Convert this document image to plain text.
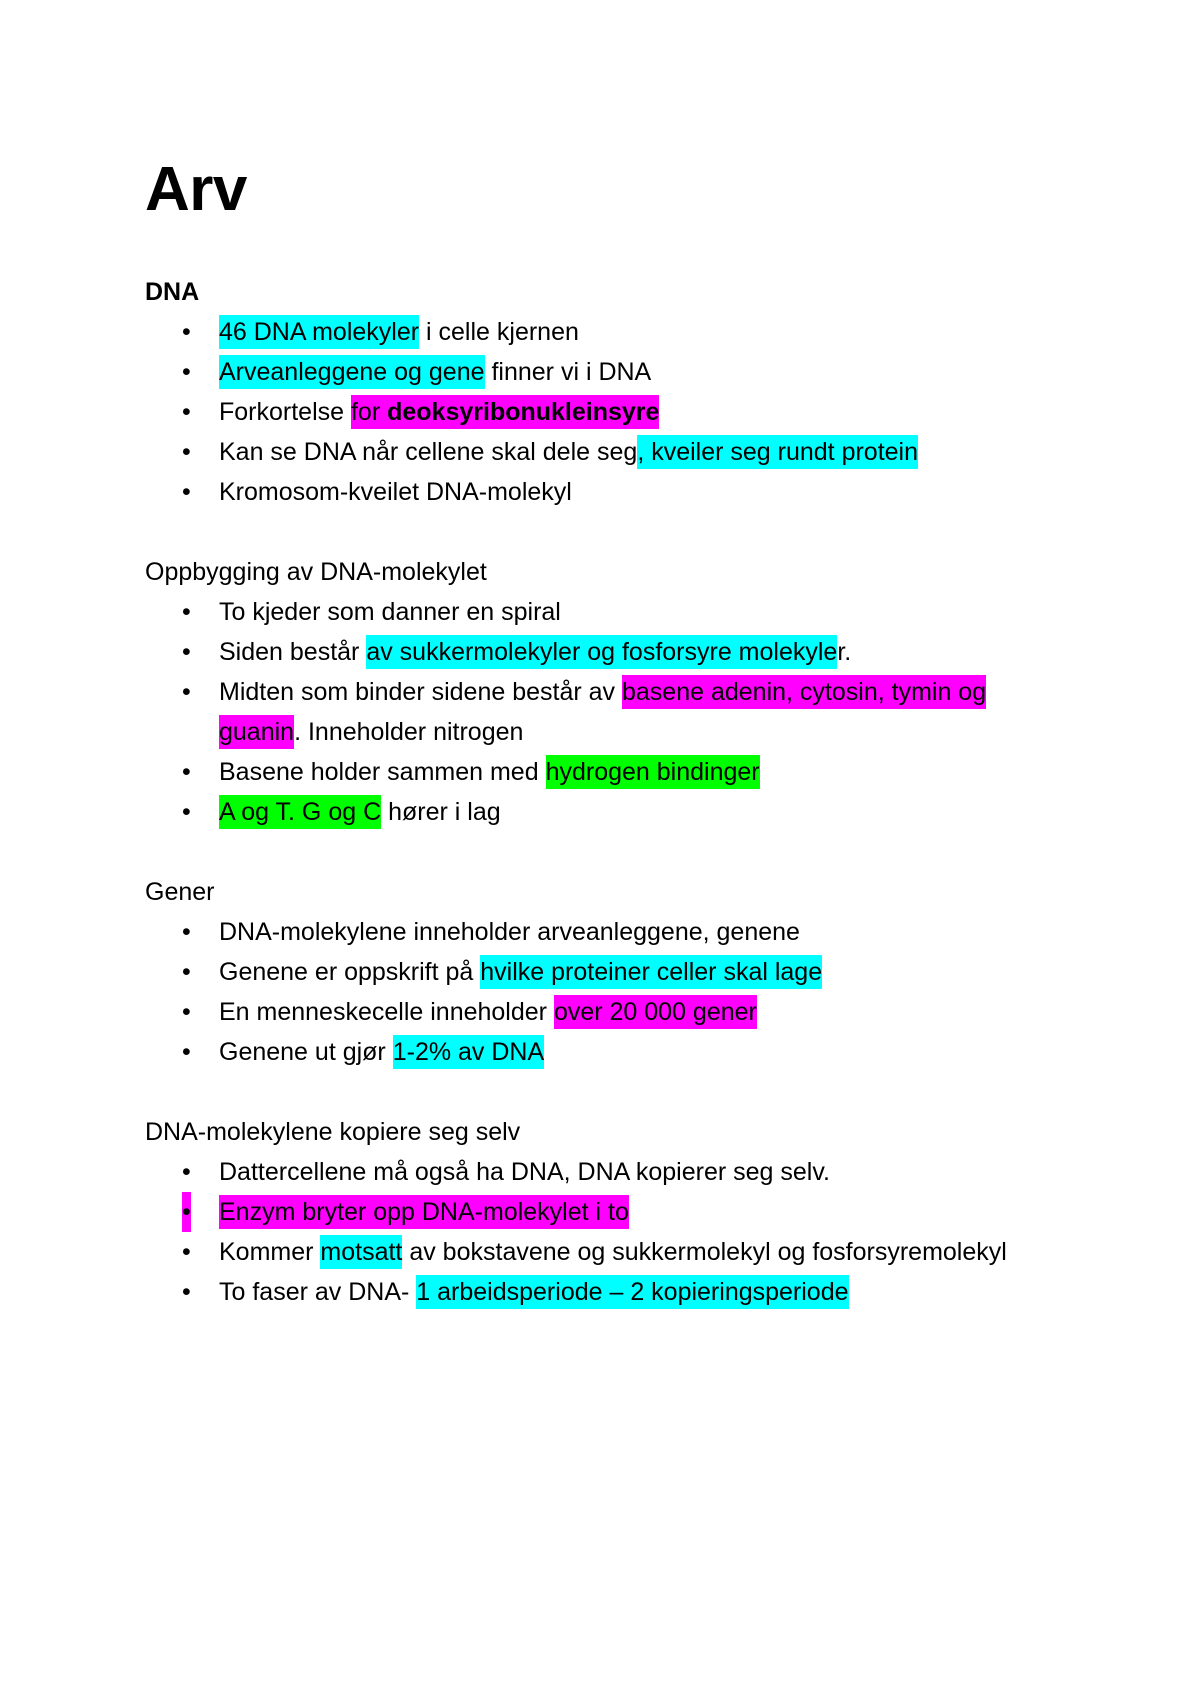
Arv

DNA

• 46 DNA molekyler i celle kjernen
• Arveanleggene og gene finner vi i DNA
• Forkortelse for deoksyribonukleinsyre
• Kan se DNA når cellene skal dele seg, kveiler seg rundt protein
• Kromosom-kveilet DNA-molekyl

Oppbygging av DNA-molekylet

• To kjeder som danner en spiral
• Siden består av sukkermolekyler og fosforsyre molekyler.
• Midten som binder sidene består av basene adenin, cytosin, tymin og guanin. Inneholder nitrogen
• Basene holder sammen med hydrogen bindinger
• A og T. G og C hører i lag

Gener

• DNA-molekylene inneholder arveanleggene, genene
• Genene er oppskrift på hvilke proteiner celler skal lage
• En menneskecelle inneholder over 20 000 gener
• Genene ut gjør 1-2% av DNA

DNA-molekylene kopiere seg selv

• Dattercellene må også ha DNA, DNA kopierer seg selv.
• Enzym bryter opp DNA-molekylet i to
• Kommer motsatt av bokstavene og sukkermolekyl og fosforsyremolekyl
• To faser av DNA- 1 arbeidsperiode – 2 kopieringsperiode
